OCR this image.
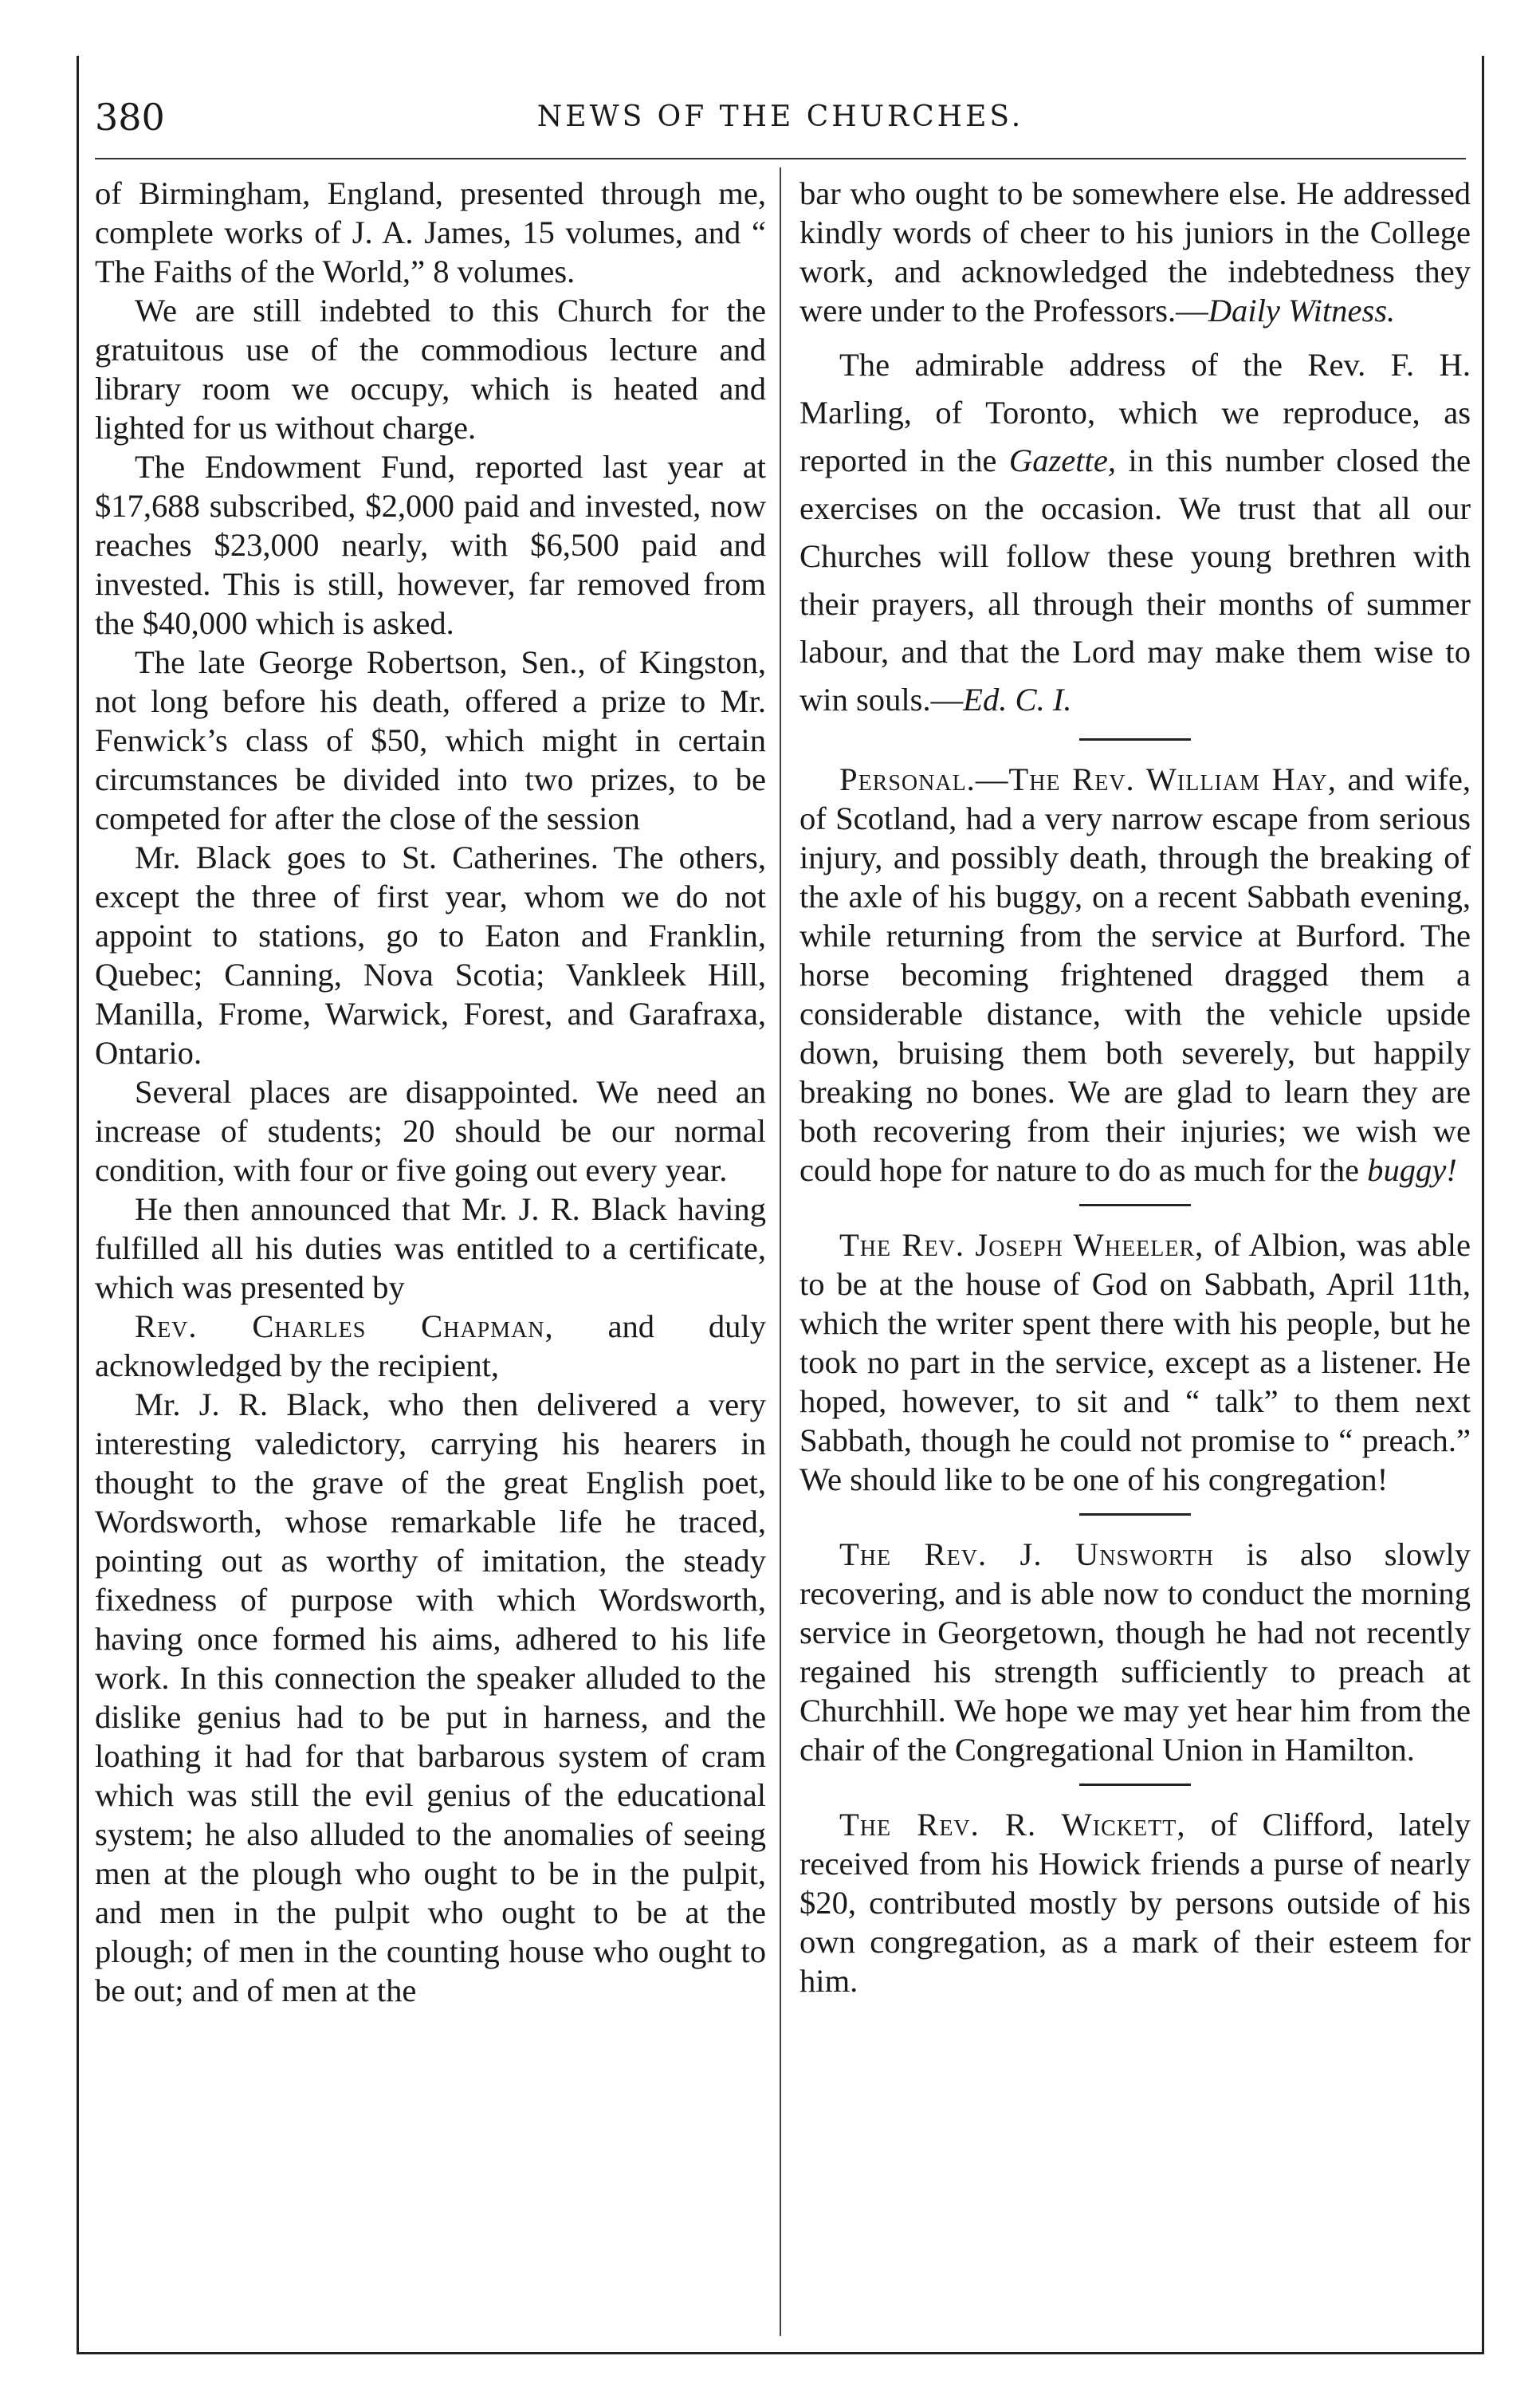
380	NEWS OF THE CHURCHES.

of Birmingham, England, presented through me, complete works of J. A. James, 15 volumes, and “ The Faiths of the World,” 8 volumes.

We are still indebted to this Church for the gratuitous use of the commodious lecture and library room we occupy, which is heated and lighted for us without charge.

The Endowment Fund, reported last year at $17,688 subscribed, $2,000 paid and invested, now reaches $23,000 nearly, with $6,500 paid and invested. This is still, however, far removed from the $40,000 which is asked.

The late George Robertson, Sen., of Kingston, not long before his death, offered a prize to Mr. Fenwick’s class of $50, which might in certain circumstances be divided into two prizes, to be competed for after the close of the session

Mr. Black goes to St. Catherines. The others, except the three of first year, whom we do not appoint to stations, go to Eaton and Franklin, Quebec; Canning, Nova Scotia; Vankleek Hill, Manilla, Frome, Warwick, Forest, and Garafraxa, Ontario.

Several places are disappointed. We need an increase of students; 20 should be our normal condition, with four or five going out every year.

He then announced that Mr. J. R. Black having fulfilled all his duties was entitled to a certificate, which was presented by

Rev. Charles Chapman, and duly acknowledged by the recipient,

Mr. J. R. Black, who then delivered a very interesting valedictory, carrying his hearers in thought to the grave of the great English poet, Wordsworth, whose remarkable life he traced, pointing out as worthy of imitation, the steady fixedness of purpose with which Wordsworth, having once formed his aims, adhered to his life work. In this connection the speaker alluded to the dislike genius had to be put in harness, and the loathing it had for that barbarous system of cram which was still the evil genius of the educational system; he also alluded to the anomalies of seeing men at the plough who ought to be in the pulpit, and men in the pulpit who ought to be at the plough; of men in the counting house who ought to be out; and of men at the

bar who ought to be somewhere else. He addressed kindly words of cheer to his juniors in the College work, and acknowledged the indebtedness they were under to the Professors.—Daily Witness.

The admirable address of the Rev. F. H. Marling, of Toronto, which we reproduce, as reported in the Gazette, in this number closed the exercises on the occasion. We trust that all our Churches will follow these young brethren with their prayers, all through their months of summer labour, and that the Lord may make them wise to win souls.—Ed. C. I.

Personal.—The Rev. William Hay, and wife, of Scotland, had a very narrow escape from serious injury, and possibly death, through the breaking of the axle of his buggy, on a recent Sabbath evening, while returning from the service at Burford. The horse becoming frightened dragged them a considerable distance, with the vehicle upside down, bruising them both severely, but happily breaking no bones. We are glad to learn they are both recovering from their injuries; we wish we could hope for nature to do as much for the buggy!

The Rev. Joseph Wheeler, of Albion, was able to be at the house of God on Sabbath, April 11th, which the writer spent there with his people, but he took no part in the service, except as a listener. He hoped, however, to sit and “ talk” to them next Sabbath, though he could not promise to “ preach.” We should like to be one of his congregation!

The Rev. J. Unsworth is also slowly recovering, and is able now to conduct the morning service in Georgetown, though he had not recently regained his strength sufficiently to preach at Churchhill. We hope we may yet hear him from the chair of the Congregational Union in Hamilton.

The Rev. R. Wickett, of Clifford, lately received from his Howick friends a purse of nearly $20, contributed mostly by persons outside of his own congregation, as a mark of their esteem for him.
